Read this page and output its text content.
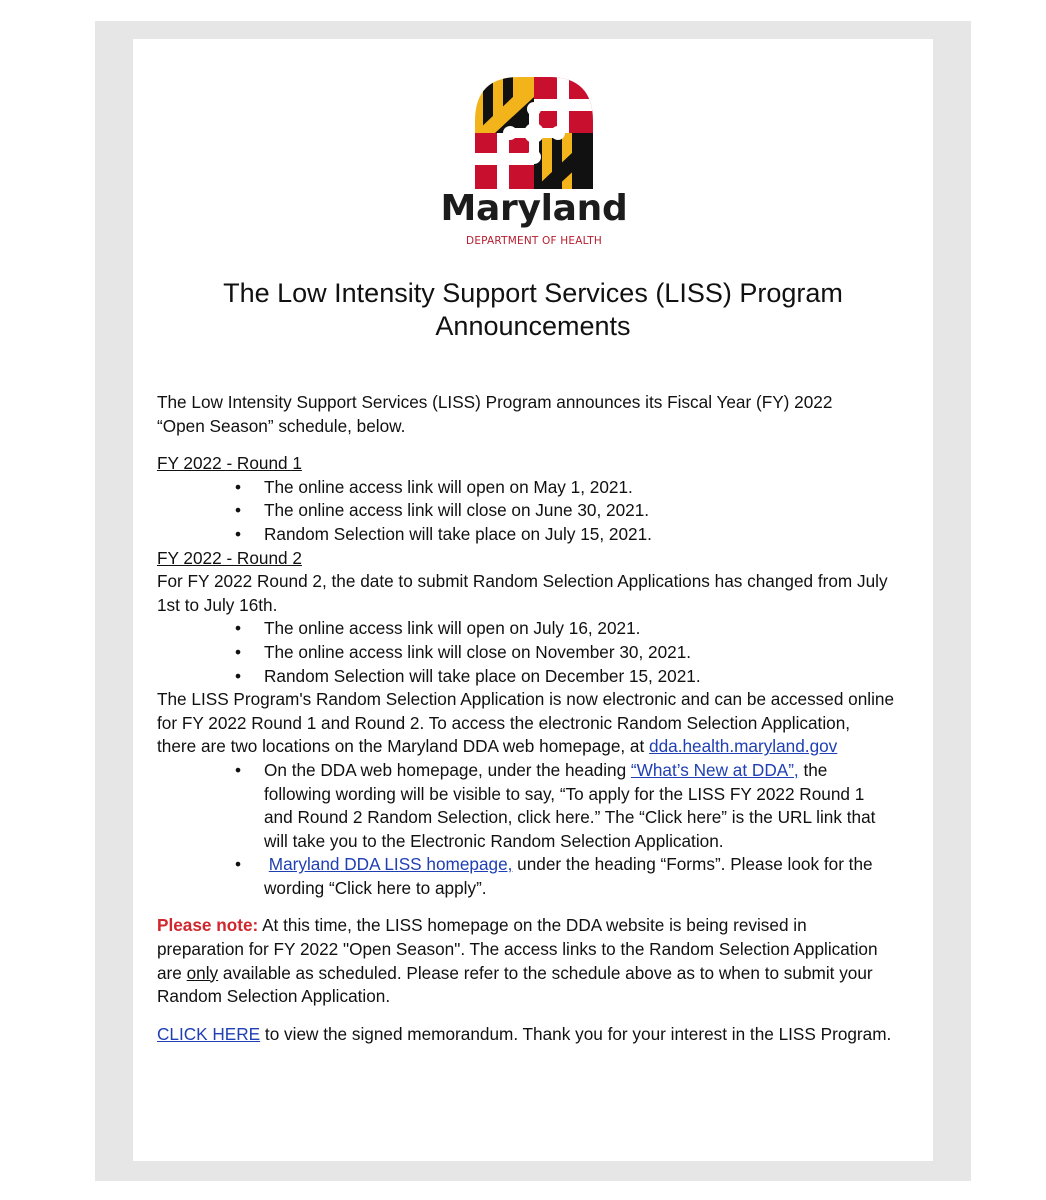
Maryland
DEPARTMENT OF HEALTH
The Low Intensity Support Services (LISS) Program
Announcements

The Low Intensity Support Services (LISS) Program announces its Fiscal Year (FY) 2022

“Open Season” schedule, below.

FY 2022 - Round 1

• The online access link will open on May 1, 2021.
• The online access link will close on June 30, 2021.
• Random Selection will take place on July 15, 2021.

FY 2022 - Round 2

For FY 2022 Round 2, the date to submit Random Selection Applications has changed from July

1st to July 16th.

• The online access link will open on July 16, 2021.
• The online access link will close on November 30, 2021.
• Random Selection will take place on December 15, 2021.

The LISS Program's Random Selection Application is now electronic and can be accessed online

for FY 2022 Round 1 and Round 2. To access the electronic Random Selection Application,

there are two locations on the Maryland DDA web homepage, at dda.health.maryland.gov

• On the DDA web homepage, under the heading “What’s New at DDA”, the
following wording will be visible to say, “To apply for the LISS FY 2022 Round 1
and Round 2 Random Selection, click here.” The “Click here” is the URL link that
will take you to the Electronic Random Selection Application.
• Maryland DDA LISS homepage, under the heading “Forms”. Please look for the
wording “Click here to apply”.

Please note: At this time, the LISS homepage on the DDA website is being revised in

preparation for FY 2022 "Open Season". The access links to the Random Selection Application

are only available as scheduled. Please refer to the schedule above as to when to submit your

Random Selection Application.

CLICK HERE to view the signed memorandum. Thank you for your interest in the LISS Program.
